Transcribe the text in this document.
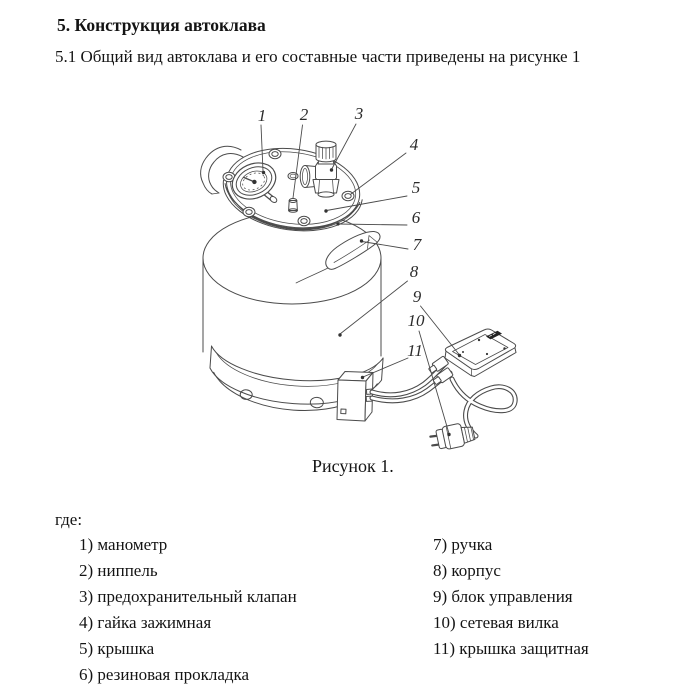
5. Конструкция автоклава
5.1 Общий вид автоклава и его составные части приведены на рисунке 1
1 2	3
4
5
6
7
8
9
10
11
Рисунок 1.
где:
1) манометр
2) ниппель
3) предохранительный клапан
4) гайка зажимная
5) крышка
6) резиновая прокладка
7) ручка
8) корпус
9) блок управления
10) сетевая вилка
11) крышка защитная
